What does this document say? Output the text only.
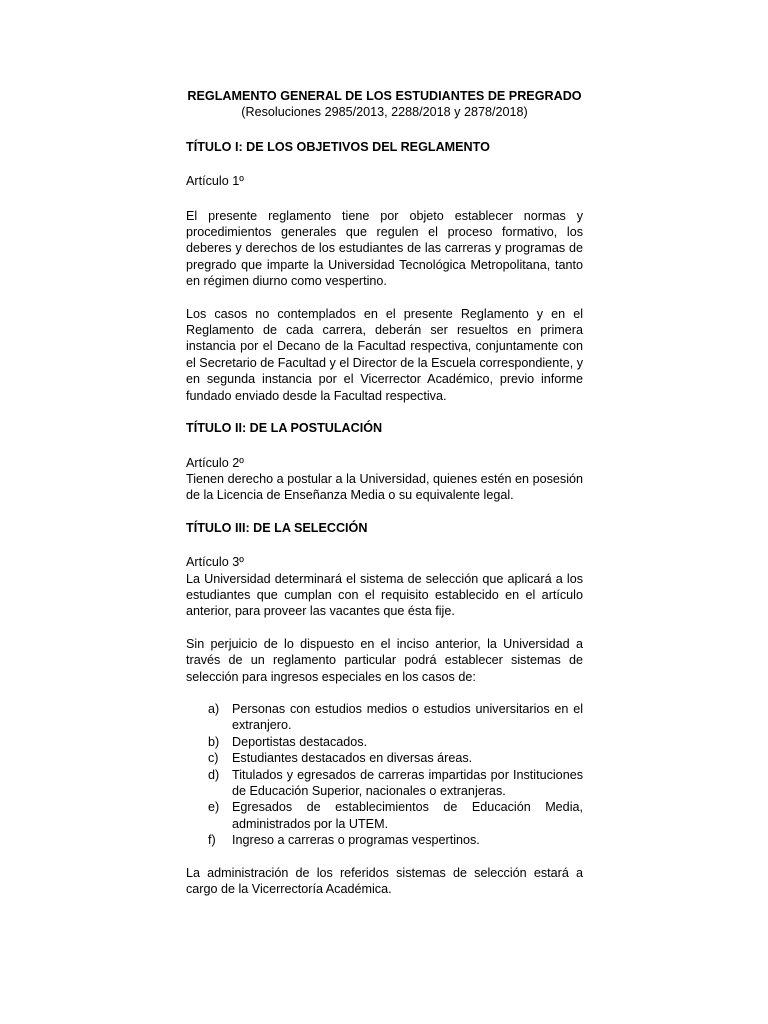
REGLAMENTO GENERAL DE LOS ESTUDIANTES DE PREGRADO
(Resoluciones 2985/2013, 2288/2018 y 2878/2018)
TÍTULO I: DE LOS OBJETIVOS DEL REGLAMENTO
Artículo 1º

El presente reglamento tiene por objeto establecer normas y procedimientos generales que regulen el proceso formativo, los deberes y derechos de los estudiantes de las carreras y programas de pregrado que imparte la Universidad Tecnológica Metropolitana, tanto en régimen diurno como vespertino.

Los casos no contemplados en el presente Reglamento y en el Reglamento de cada carrera, deberán ser resueltos en primera instancia por el Decano de la Facultad respectiva, conjuntamente con el Secretario de Facultad y el Director de la Escuela correspondiente, y en segunda instancia por el Vicerrector Académico, previo informe fundado enviado desde la Facultad respectiva.

TÍTULO II: DE LA POSTULACIÓN
Artículo 2º

Tienen derecho a postular a la Universidad, quienes estén en posesión de la Licencia de Enseñanza Media o su equivalente legal.

TÍTULO III: DE LA SELECCIÓN
Artículo 3º

La Universidad determinará el sistema de selección que aplicará a los estudiantes que cumplan con el requisito establecido en el artículo anterior, para proveer las vacantes que ésta fije.

Sin perjuicio de lo dispuesto en el inciso anterior, la Universidad a través de un reglamento particular podrá establecer sistemas de selección para ingresos especiales en los casos de:

a)	Personas con estudios medios o estudios universitarios en el extranjero.
b)	Deportistas destacados.
c)	Estudiantes destacados en diversas áreas.
d)	Titulados y egresados de carreras impartidas por Instituciones de Educación Superior, nacionales o extranjeras.
e)	Egresados de establecimientos de Educación Media, administrados por la UTEM.
f)	Ingreso a carreras o programas vespertinos.

La administración de los referidos sistemas de selección estará a cargo de la Vicerrectoría Académica.
